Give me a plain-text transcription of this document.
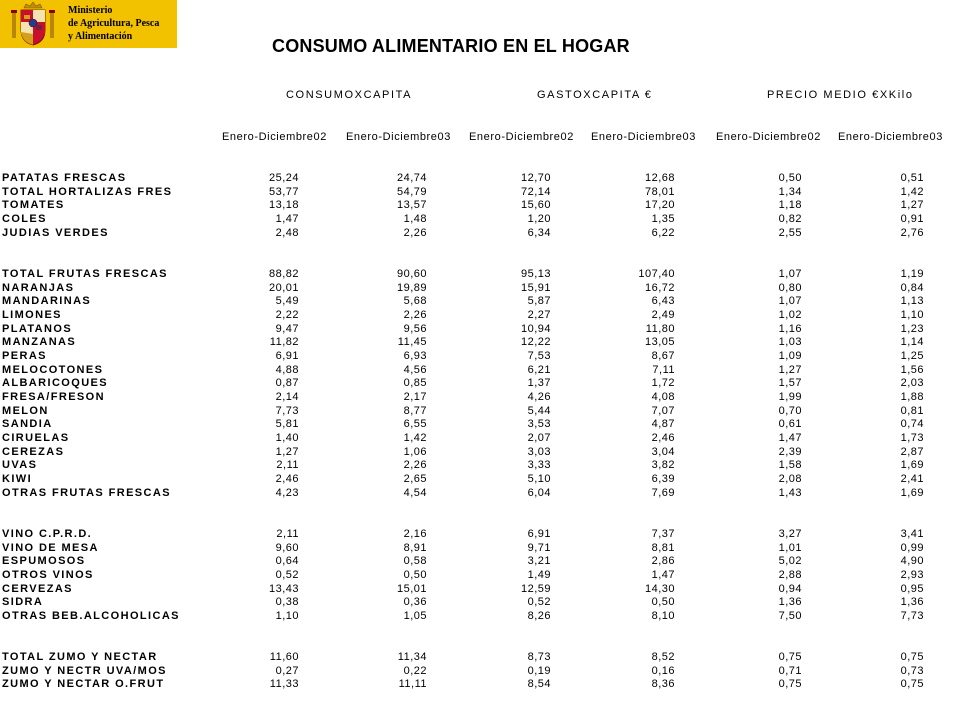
Ministerio
de Agricultura, Pesca
y Alimentación	CONSUMO ALIMENTARIO EN EL HOGAR
CONSUMOXCAPITA	GASTOXCAPITA €	PRECIO MEDIO €XKilo
Enero-Diciembre02 Enero-Diciembre03 Enero-Diciembre02 Enero-Diciembre03 Enero-Diciembre02 Enero-Diciembre03
PATATAS FRESCAS	25,24	24,74	12,70	12,68	0,50	0,51
TOTAL HORTALIZAS FRES	53,77	54,79	72,14	78,01	1,34	1,42
TOMATES	13,18	13,57	15,60	17,20	1,18	1,27
COLES	1,47	1,48	1,20	1,35	0,82	0,91
JUDIAS VERDES	2,48	2,26	6,34	6,22	2,55	2,76
TOTAL FRUTAS FRESCAS	88,82	90,60	95,13	107,40	1,07	1,19
NARANJAS	20,01	19,89	15,91	16,72	0,80	0,84
MANDARINAS	5,49	5,68	5,87	6,43	1,07	1,13
LIMONES	2,22	2,26	2,27	2,49	1,02	1,10
PLATANOS	9,47	9,56	10,94	11,80	1,16	1,23
MANZANAS	11,82	11,45	12,22	13,05	1,03	1,14
PERAS	6,91	6,93	7,53	8,67	1,09	1,25
MELOCOTONES	4,88	4,56	6,21	7,11	1,27	1,56
ALBARICOQUES	0,87	0,85	1,37	1,72	1,57	2,03
FRESA/FRESON	2,14	2,17	4,26	4,08	1,99	1,88
MELON	7,73	8,77	5,44	7,07	0,70	0,81
SANDIA	5,81	6,55	3,53	4,87	0,61	0,74
CIRUELAS	1,40	1,42	2,07	2,46	1,47	1,73
CEREZAS	1,27	1,06	3,03	3,04	2,39	2,87
UVAS	2,11	2,26	3,33	3,82	1,58	1,69
KIWI	2,46	2,65	5,10	6,39	2,08	2,41
OTRAS FRUTAS FRESCAS	4,23	4,54	6,04	7,69	1,43	1,69
VINO C.P.R.D.	2,11	2,16	6,91	7,37	3,27	3,41
VINO DE MESA	9,60	8,91	9,71	8,81	1,01	0,99
ESPUMOSOS	0,64	0,58	3,21	2,86	5,02	4,90
OTROS VINOS	0,52	0,50	1,49	1,47	2,88	2,93
CERVEZAS	13,43	15,01	12,59	14,30	0,94	0,95
SIDRA	0,38	0,36	0,52	0,50	1,36	1,36
OTRAS BEB.ALCOHOLICAS	1,10	1,05	8,26	8,10	7,50	7,73
TOTAL ZUMO Y NECTAR	11,60	11,34	8,73	8,52	0,75	0,75
ZUMO Y NECTR UVA/MOS	0,27	0,22	0,19	0,16	0,71	0,73
ZUMO Y NECTAR O.FRUT	11,33	11,11	8,54	8,36	0,75	0,75
